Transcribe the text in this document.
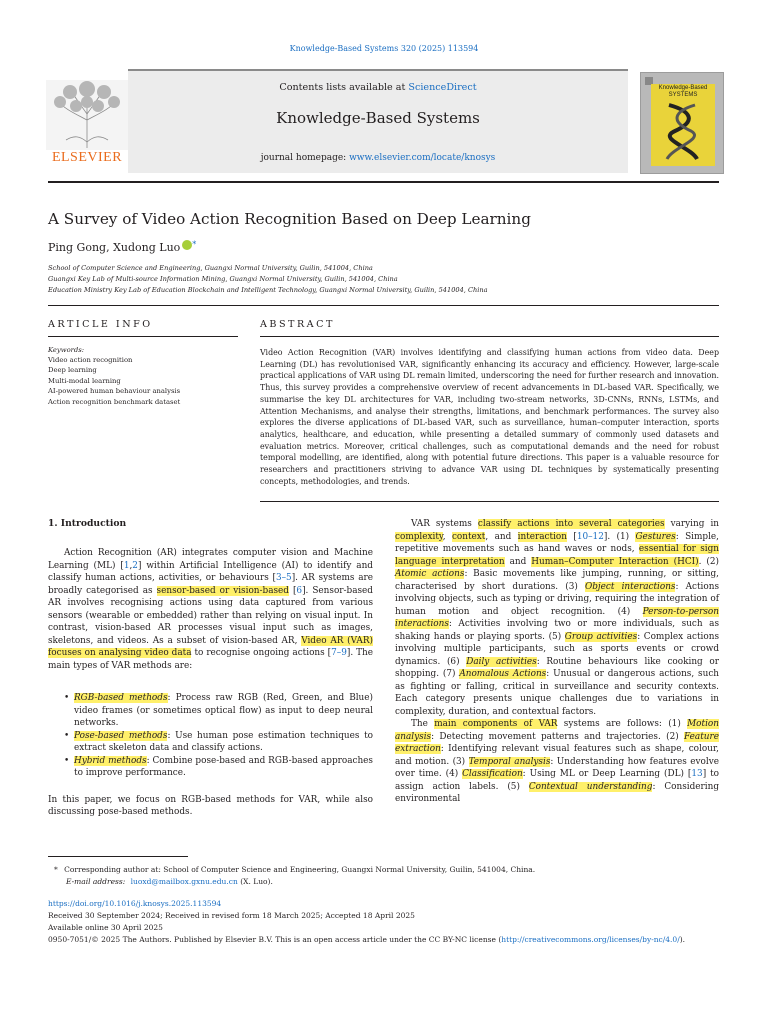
Knowledge-Based Systems 320 (2025) 113594
ELSEVIER
Contents lists available at ScienceDirect
Knowledge-Based Systems
journal homepage: www.elsevier.com/locate/knosys
Knowledge-Based SYSTEMS
A Survey of Video Action Recognition Based on Deep Learning
Ping Gong, Xudong Luo *
School of Computer Science and Engineering, Guangxi Normal University, Guilin, 541004, China
Guangxi Key Lab of Multi-source Information Mining, Guangxi Normal University, Guilin, 541004, China
Education Ministry Key Lab of Education Blockchain and Intelligent Technology, Guangxi Normal University, Guilin, 541004, China
ARTICLE INFO	ABSTRACT
Keywords:
Video action recognition
Deep learning
Multi-modal learning
AI-powered human behaviour analysis
Action recognition benchmark dataset
Video Action Recognition (VAR) involves identifying and classifying human actions from video data. Deep Learning (DL) has revolutionised VAR, significantly enhancing its accuracy and efficiency. However, large-scale practical applications of VAR using DL remain limited, underscoring the need for further research and innovation. Thus, this survey provides a comprehensive overview of recent advancements in DL-based VAR. Specifically, we summarise the key DL architectures for VAR, including two-stream networks, 3D-CNNs, RNNs, LSTMs, and Attention Mechanisms, and analyse their strengths, limitations, and benchmark performances. The survey also explores the diverse applications of DL-based VAR, such as surveillance, human–computer interaction, sports analytics, healthcare, and education, while presenting a detailed summary of commonly used datasets and evaluation metrics. Moreover, critical challenges, such as computational demands and the need for robust temporal modelling, are identified, along with potential future directions. This paper is a valuable resource for researchers and practitioners striving to advance VAR using DL techniques by systematically presenting concepts, methodologies, and trends.
1. Introduction

Action Recognition (AR) integrates computer vision and Machine Learning (ML) [1,2] within Artificial Intelligence (AI) to identify and classify human actions, activities, or behaviours [3–5]. AR systems are broadly categorised as sensor-based or vision-based [6]. Sensor-based AR involves recognising actions using data captured from various sensors (wearable or embedded) rather than relying on visual input. In contrast, vision-based AR processes visual input such as images, skeletons, and videos. As a subset of vision-based AR, Video AR (VAR) focuses on analysing video data to recognise ongoing actions [7–9]. The main types of VAR methods are:

• RGB-based methods: Process raw RGB (Red, Green, and Blue) video frames (or sometimes optical flow) as input to deep neural networks.
• Pose-based methods: Use human pose estimation techniques to extract skeleton data and classify actions.
• Hybrid methods: Combine pose-based and RGB-based approaches to improve performance.

In this paper, we focus on RGB-based methods for VAR, while also discussing pose-based methods.

VAR systems classify actions into several categories varying in complexity, context, and interaction [10–12]. (1) Gestures: Simple, repetitive movements such as hand waves or nods, essential for sign language interpretation and Human–Computer Interaction (HCI). (2) Atomic actions: Basic movements like jumping, running, or sitting, characterised by short durations. (3) Object interactions: Actions involving objects, such as typing or driving, requiring the integration of human motion and object recognition. (4) Person-to-person interactions: Activities involving two or more individuals, such as shaking hands or playing sports. (5) Group activities: Complex actions involving multiple participants, such as sports events or crowd dynamics. (6) Daily activities: Routine behaviours like cooking or shopping. (7) Anomalous Actions: Unusual or dangerous actions, such as fighting or falling, critical in surveillance and security contexts. Each category presents unique challenges due to variations in complexity, duration, and contextual factors.

The main components of VAR systems are follows: (1) Motion analysis: Detecting movement patterns and trajectories. (2) Feature extraction: Identifying relevant visual features such as shape, colour, and motion. (3) Temporal analysis: Understanding how features evolve over time. (4) Classification: Using ML or Deep Learning (DL) [13] to assign action labels. (5) Contextual understanding: Considering environmental

* Corresponding author at: School of Computer Science and Engineering, Guangxi Normal University, Guilin, 541004, China.
E-mail address: luoxd@mailbox.gxnu.edu.cn (X. Luo).
https://doi.org/10.1016/j.knosys.2025.113594
Received 30 September 2024; Received in revised form 18 March 2025; Accepted 18 April 2025
Available online 30 April 2025
0950-7051/© 2025 The Authors. Published by Elsevier B.V. This is an open access article under the CC BY-NC license (http://creativecommons.org/licenses/by-nc/4.0/).
